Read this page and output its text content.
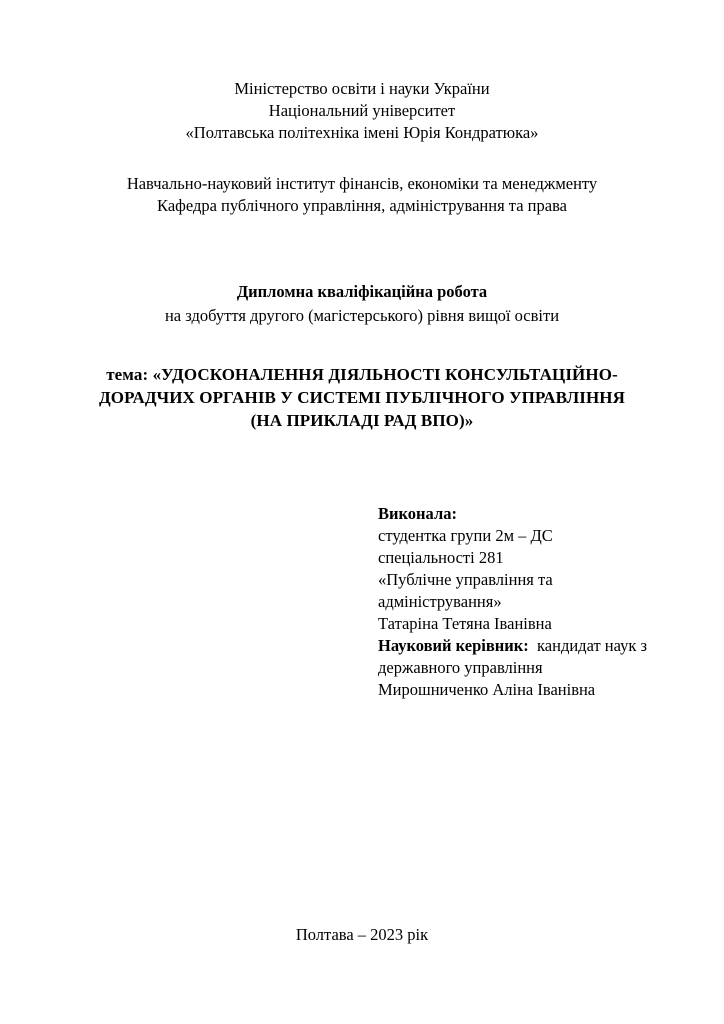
Міністерство освіти і науки України
Національний університет
«Полтавська політехніка імені Юрія Кондратюка»
Навчально-науковий інститут фінансів, економіки та менеджменту
Кафедра публічного управління, адміністрування та права
Дипломна кваліфікаційна робота
на здобуття другого (магістерського) рівня вищої освіти
тема: «УДОСКОНАЛЕННЯ ДІЯЛЬНОСТІ КОНСУЛЬТАЦІЙНО-
ДОРАДЧИХ ОРГАНІВ У СИСТЕМІ ПУБЛІЧНОГО УПРАВЛІННЯ
(НА ПРИКЛАДІ РАД ВПО)»
Виконала:
студентка групи 2м – ДС
спеціальності 281
«Публічне управління та адміністрування»
Татаріна Тетяна Іванівна
Науковий керівник: кандидат наук з
державного управління
Мирошниченко Аліна Іванівна
Полтава – 2023 рік
